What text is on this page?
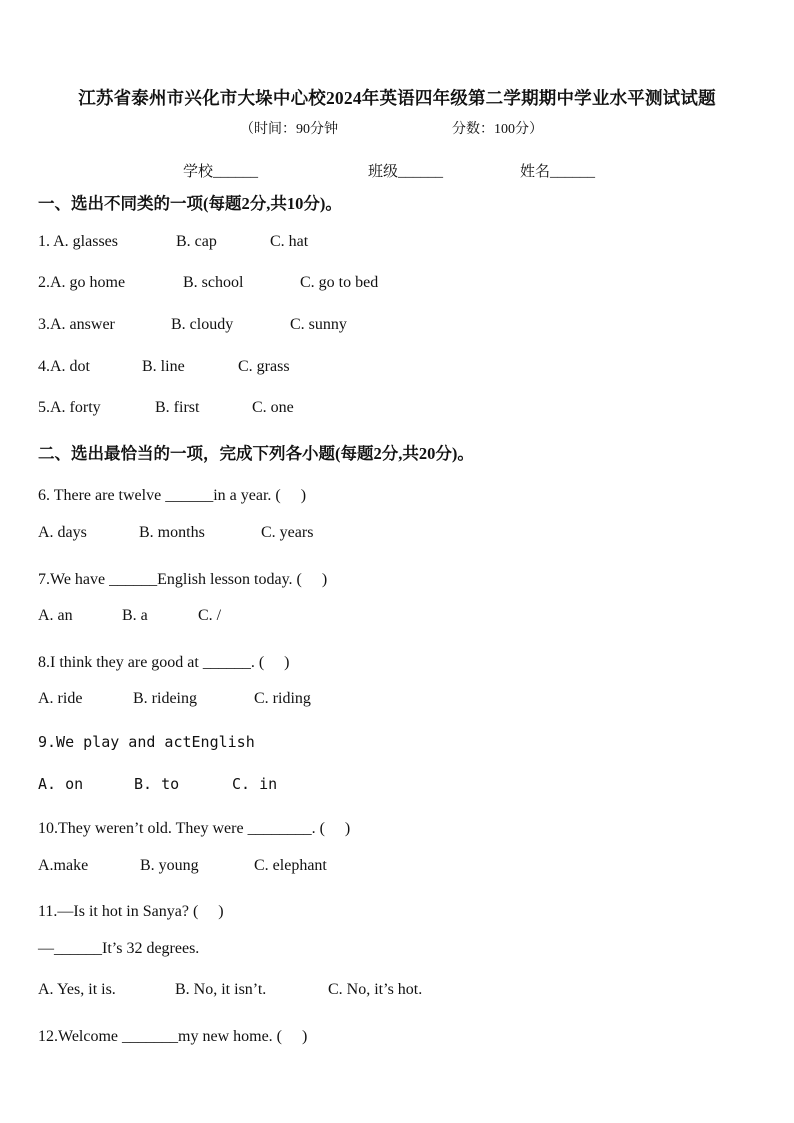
江苏省泰州市兴化市大垛中心校2024年英语四年级第二学期期中学业水平测试试题
（时间：90分钟	分数：100分）
学校______	班级______	姓名______
一、选出不同类的一项(每题2分,共10分)。
1. A. glasses	B. cap	C. hat
2.A. go home	B. school	C. go to bed
3.A. answer	B. cloudy	C. sunny
4.A. dot	B. line	C. grass
5.A. forty	B. first	C. one
二、选出最恰当的一项，完成下列各小题(每题2分,共20分)。
6. There are twelve ______in a year. (　 )
A. days	B. months	C. years
7.We have ______English lesson today. (　 )
A. an	B. a	C. /
8.I think they are good at ______. (　 )
A. ride	B. rideing	C. riding
9.We play and actEnglish
A. on	B. to	C. in
10.They weren’t old. They were ________. (　 )
A.make	B. young	C. elephant
11.—Is it hot in Sanya? (　 )
—______It’s 32 degrees.
A. Yes, it is.	B. No, it isn’t.	C. No, it’s hot.
12.Welcome _______my new home. (　 )
